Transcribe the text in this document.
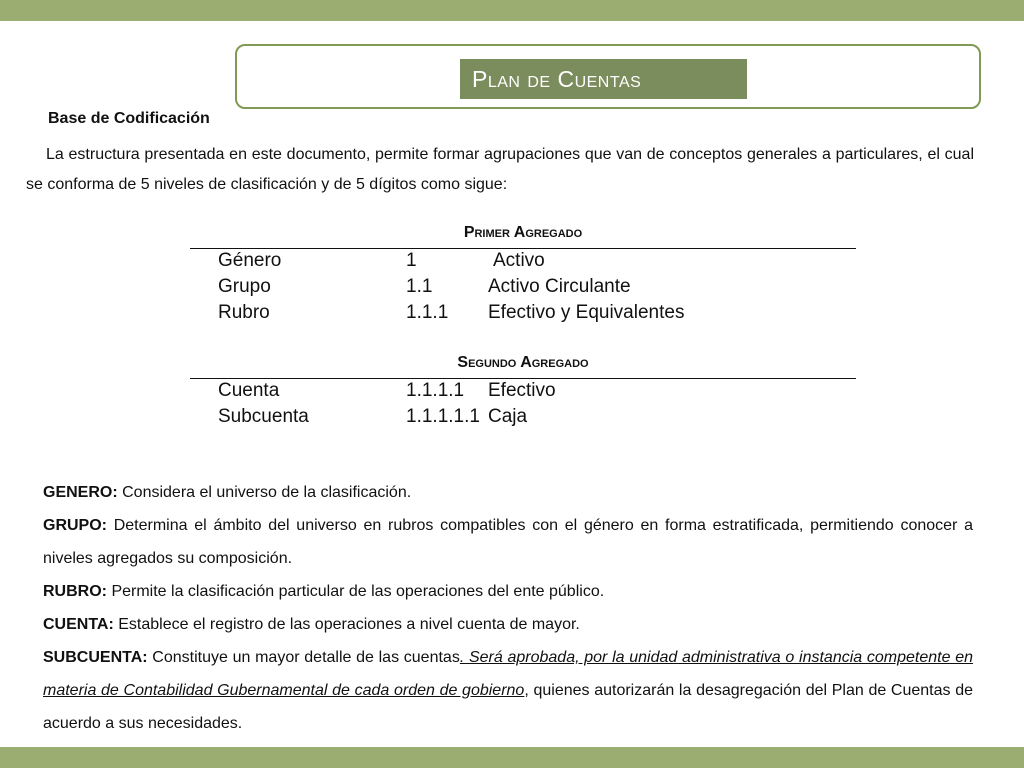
Plan de Cuentas
Base de Codificación

La estructura presentada en este documento, permite formar agrupaciones que van de conceptos generales a particulares, el cual se conforma de 5 niveles de clasificación y de 5 dígitos como sigue:

Primer Agregado
Género	1	Activo
Grupo	1.1	Activo Circulante
Rubro	1.1.1 Efectivo y Equivalentes
Segundo Agregado
Cuenta	1.1.1.1 Efectivo
Subcuenta	1.1.1.1.1 Caja

GENERO: Considera el universo de la clasificación.

GRUPO: Determina el ámbito del universo en rubros compatibles con el género en forma estratificada, permitiendo conocer a niveles agregados su composición.

RUBRO: Permite la clasificación particular de las operaciones del ente público.

CUENTA: Establece el registro de las operaciones a nivel cuenta de mayor.

SUBCUENTA: Constituye un mayor detalle de las cuentas. Será aprobada, por la unidad administrativa o instancia competente en materia de Contabilidad Gubernamental de cada orden de gobierno, quienes autorizarán la desagregación del Plan de Cuentas de acuerdo a sus necesidades.
